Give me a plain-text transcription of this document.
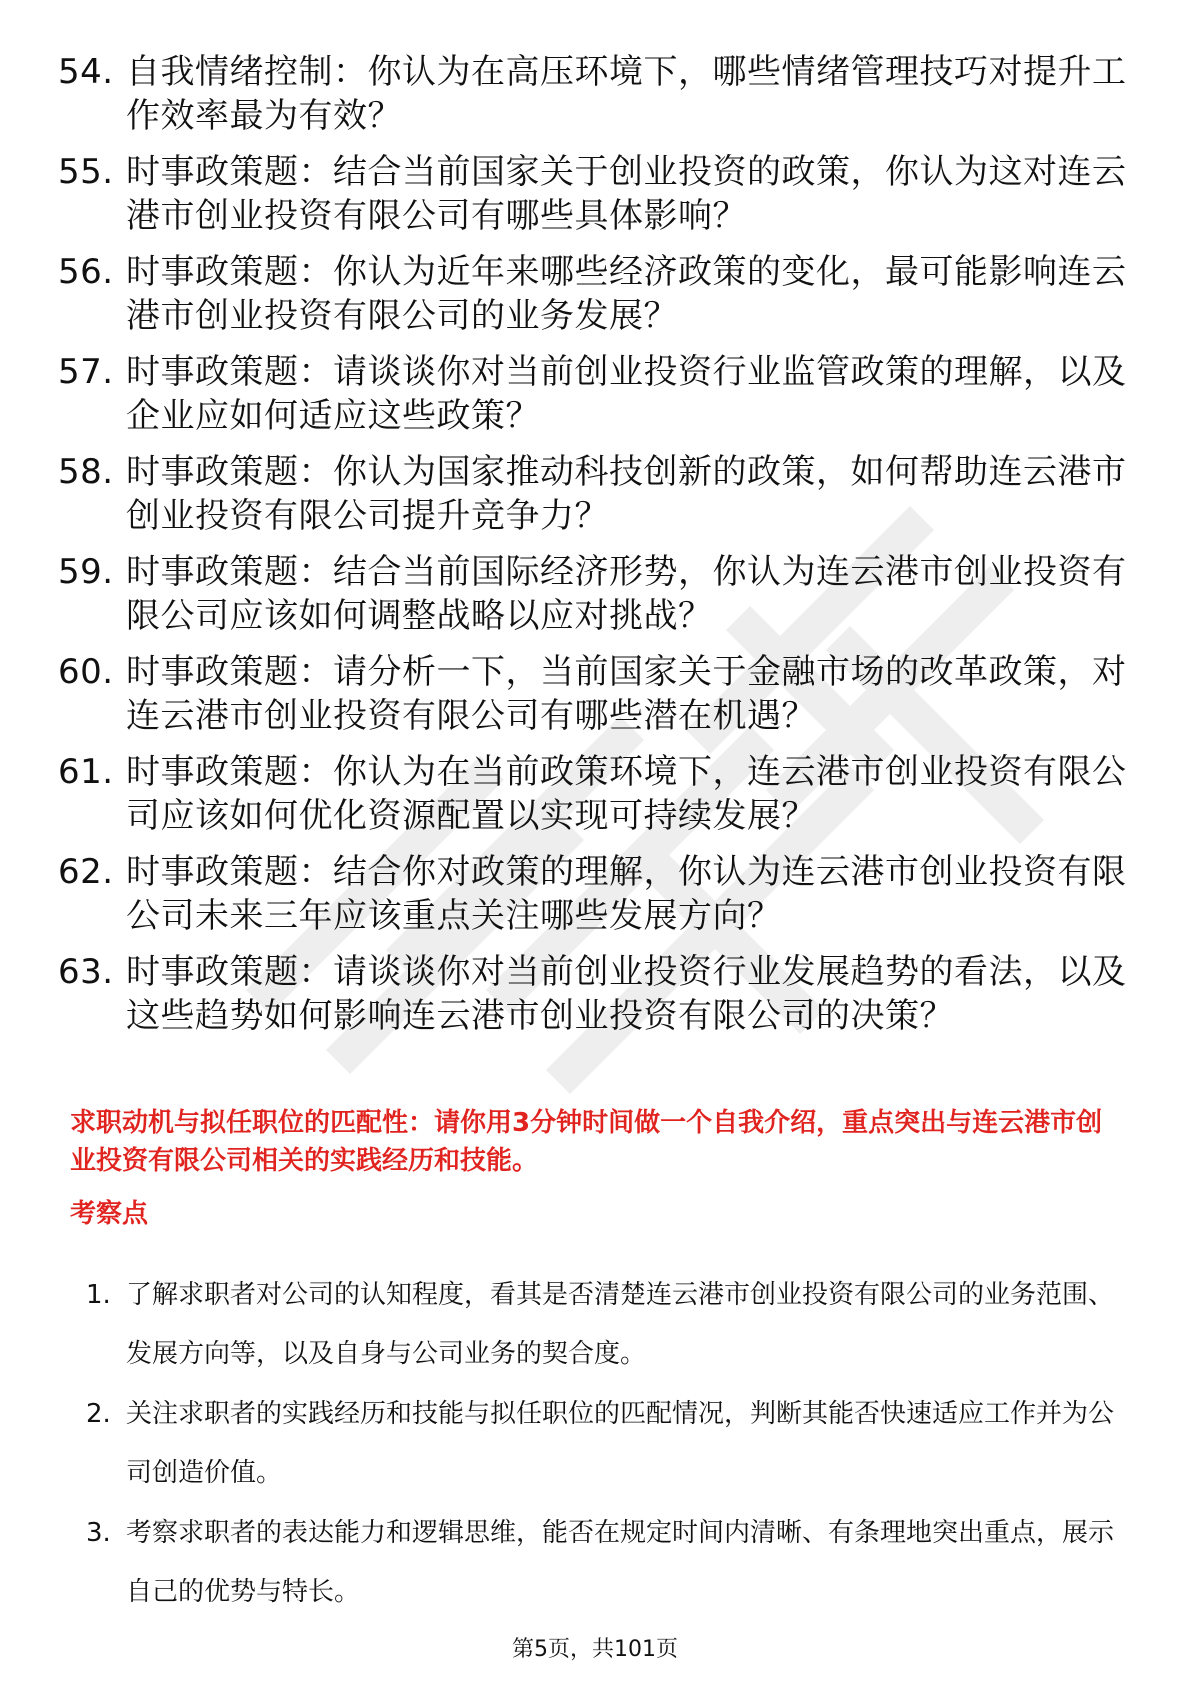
54. 自我情绪控制：你认为在高压环境下，哪些情绪管理技巧对提升工作效率最为有效？
55. 时事政策题：结合当前国家关于创业投资的政策，你认为这对连云港市创业投资有限公司有哪些具体影响？
56. 时事政策题：你认为近年来哪些经济政策的变化，最可能影响连云港市创业投资有限公司的业务发展？
57. 时事政策题：请谈谈你对当前创业投资行业监管政策的理解，以及企业应如何适应这些政策？
58. 时事政策题：你认为国家推动科技创新的政策，如何帮助连云港市创业投资有限公司提升竞争力？
59. 时事政策题：结合当前国际经济形势，你认为连云港市创业投资有限公司应该如何调整战略以应对挑战？
60. 时事政策题：请分析一下，当前国家关于金融市场的改革政策，对连云港市创业投资有限公司有哪些潜在机遇？
61. 时事政策题：你认为在当前政策环境下，连云港市创业投资有限公司应该如何优化资源配置以实现可持续发展？
62. 时事政策题：结合你对政策的理解，你认为连云港市创业投资有限公司未来三年应该重点关注哪些发展方向？
63. 时事政策题：请谈谈你对当前创业投资行业发展趋势的看法，以及这些趋势如何影响连云港市创业投资有限公司的决策？

求职动机与拟任职位的匹配性：请你用3分钟时间做一个自我介绍，重点突出与连云港市创业投资有限公司相关的实践经历和技能。

考察点
1. 了解求职者对公司的认知程度，看其是否清楚连云港市创业投资有限公司的业务范围、发展方向等，以及自身与公司业务的契合度。
2. 关注求职者的实践经历和技能与拟任职位的匹配情况，判断其能否快速适应工作并为公司创造价值。
3. 考察求职者的表达能力和逻辑思维，能否在规定时间内清晰、有条理地突出重点，展示自己的优势与特长。
第5页，共101页
